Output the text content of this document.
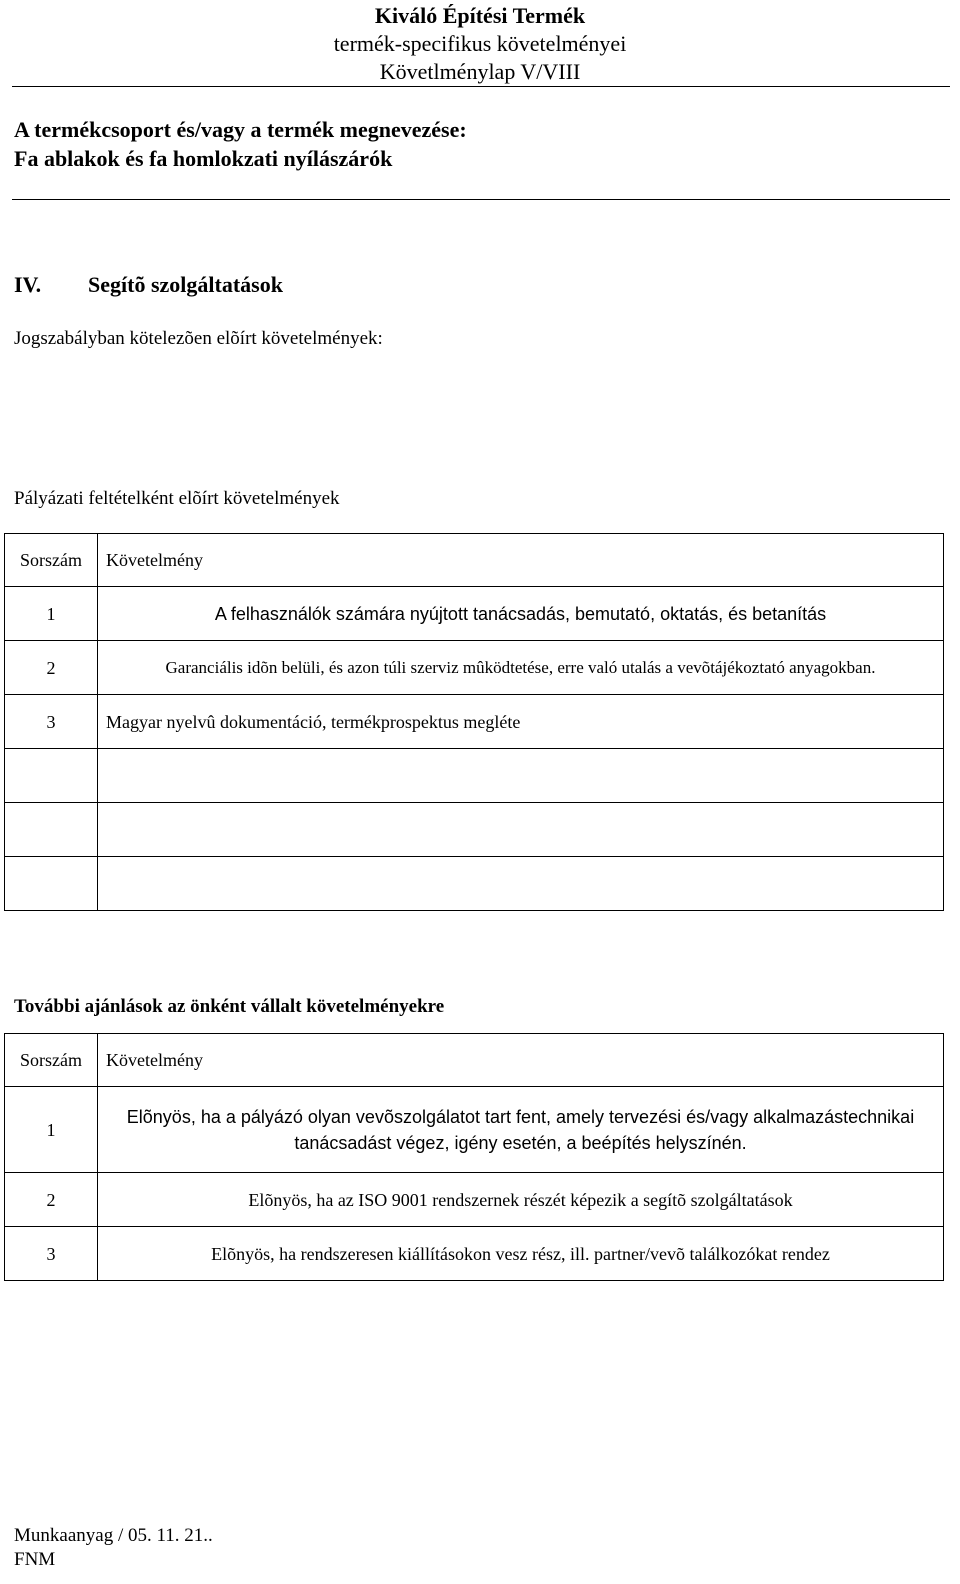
Kiváló Építési Termék
termék-specifikus követelményei
Követlménylap V/VIII
A termékcsoport és/vagy a termék megnevezése:
Fa ablakok és fa homlokzati nyílászárók
IV. Segítõ szolgáltatások
Jogszabályban kötelezõen elõírt követelmények:
Pályázati feltételként elõírt követelmények
Sorszám	Követelmény
1	A felhasználók számára nyújtott tanácsadás, bemutató, oktatás, és betanítás
2	Garanciális idõn belüli, és azon túli szerviz mûködtetése, erre való utalás a vevõtájékoztató anyagokban.
3	Magyar nyelvû dokumentáció, termékprospektus megléte

További ajánlások az önként vállalt követelményekre
Sorszám	Követelmény
1	Elõnyös, ha a pályázó olyan vevõszolgálatot tart fent, amely tervezési és/vagy alkalmazástechnikai tanácsadást végez, igény esetén, a beépítés helyszínén.
2	Elõnyös, ha az ISO 9001 rendszernek részét képezik a segítõ szolgáltatások
3	Elõnyös, ha rendszeresen kiállításokon vesz rész, ill. partner/vevõ találkozókat rendez
Munkaanyag / 05. 11. 21..
FNM
